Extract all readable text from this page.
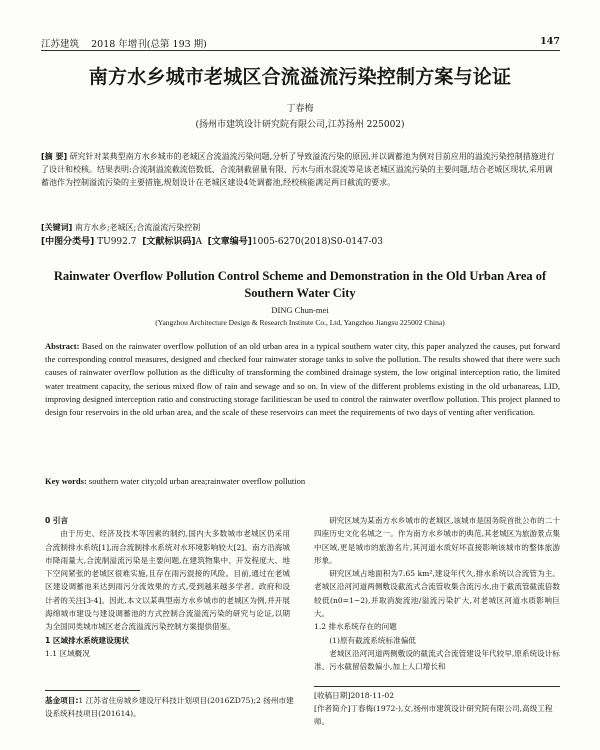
江苏建筑 2018 年增刊(总第 193 期)	147
南方水乡城市老城区合流溢流污染控制方案与论证
丁春梅
(扬州市建筑设计研究院有限公司,江苏扬州 225002)
[摘 要] 研究针对某典型南方水乡城市的老城区合流溢流污染问题,分析了导致溢流污染的原因,并以调蓄池为例对目前应用的溢流污染控制措施进行了设计和校核。结果表明:合流制溢流截流倍数低、合流制截留量有限、污水与雨水混流等是该老城区溢流污染的主要问题,结合老城区现状,采用调蓄池作为控制溢流污染的主要措施,规划设计在老城区建设4处调蓄池,经校核能满足两日截流的要求。
[关键词] 南方水乡;老城区;合流溢流污染控制
[中图分类号] TU992.7 [文献标识码]A [文章编号]1005-6270(2018)S0-0147-03
Rainwater Overflow Pollution Control Scheme and Demonstration in the Old Urban Area of Southern Water City
DING Chun-mei
(Yangzhou Architecture Design & Research Institute Co., Ltd, Yangzhou Jiangsu 225002 China)
Abstract: Based on the rainwater overflow pollution of an old urban area in a typical southern water city, this paper analyzed the causes, put forward the corresponding control measures, designed and checked four rainwater storage tanks to solve the pollution. The results showed that there were such causes of rainwater overflow pollution as the difficulty of transforming the combined drainage system, the low original interception ratio, the limited water treatment capacity, the serious mixed flow of rain and sewage and so on. In view of the different problems existing in the old urbanareas, LID, improving designed interception ratio and constructing storage facilitiescan be used to control the rainwater overflow pollution. This project planned to design four reservoirs in the old urban area, and the scale of these reservoirs can meet the requirements of two days of venting after verification.
Key words: southern water city;old urban area;rainwater overflow pollution

0 引言

由于历史、经济及技术等因素的制约,国内大多数城市老城区仍采用合流制排水系统[1],而合流制排水系统对水环境影响较大[2]。南方沿海城市降雨量大,合流制溢流污染是主要问题,在建筑物集中、开发程度大、地下空间紧张的老城区很难实施,且存在雨污混接的风险。目前,通过在老城区建设调蓄池来达到雨污分流效果的方式,受到越来越多学者、政府和设计者的关注[3-4]。因此,本文以某典型南方水乡城市的老城区为例,并开展海绵城市建设与建设调蓄池的方式控制合流溢流污染的研究与论证,以期为全国同类城市城区老合流溢流污染控制方案提供借鉴。

1 区域排水系统建设现状

1.1 区域概况

研究区域为某南方水乡城市的老城区,该城市是国务院首批公布的二十四座历史文化名城之一。作为南方水乡城市的典范,其老城区为旅游景点集中区域,更是城市的旅游名片,其河道水质好坏直接影响该城市的整体旅游形象。

研究区域占地面积为7.65 km²,建设年代久,排水系统以合流管为主。老城区沿河河道两侧敷设截流式合流管收集合流污水,由于截流管截流倍数较低(n0=1~2),并取消旋流池/溢流污染扩大,对老城区河道水质影响巨大。

1.2 排水系统存在的问题

(1)原有截流系统标准偏低

老城区沿河河道两侧敷设的截流式合流管建设年代较早,原系统设计标准、污水截留倍数偏小,加上人口增长和

基金项目:1 江苏省住房城乡建设厅科技计划项目(2016ZD75);2 扬州市建设系统科技项目(201614)。
[收稿日期]2018-11-02
[作者简介]丁春梅(1972-),女,扬州市建筑设计研究院有限公司,高级工程师。
